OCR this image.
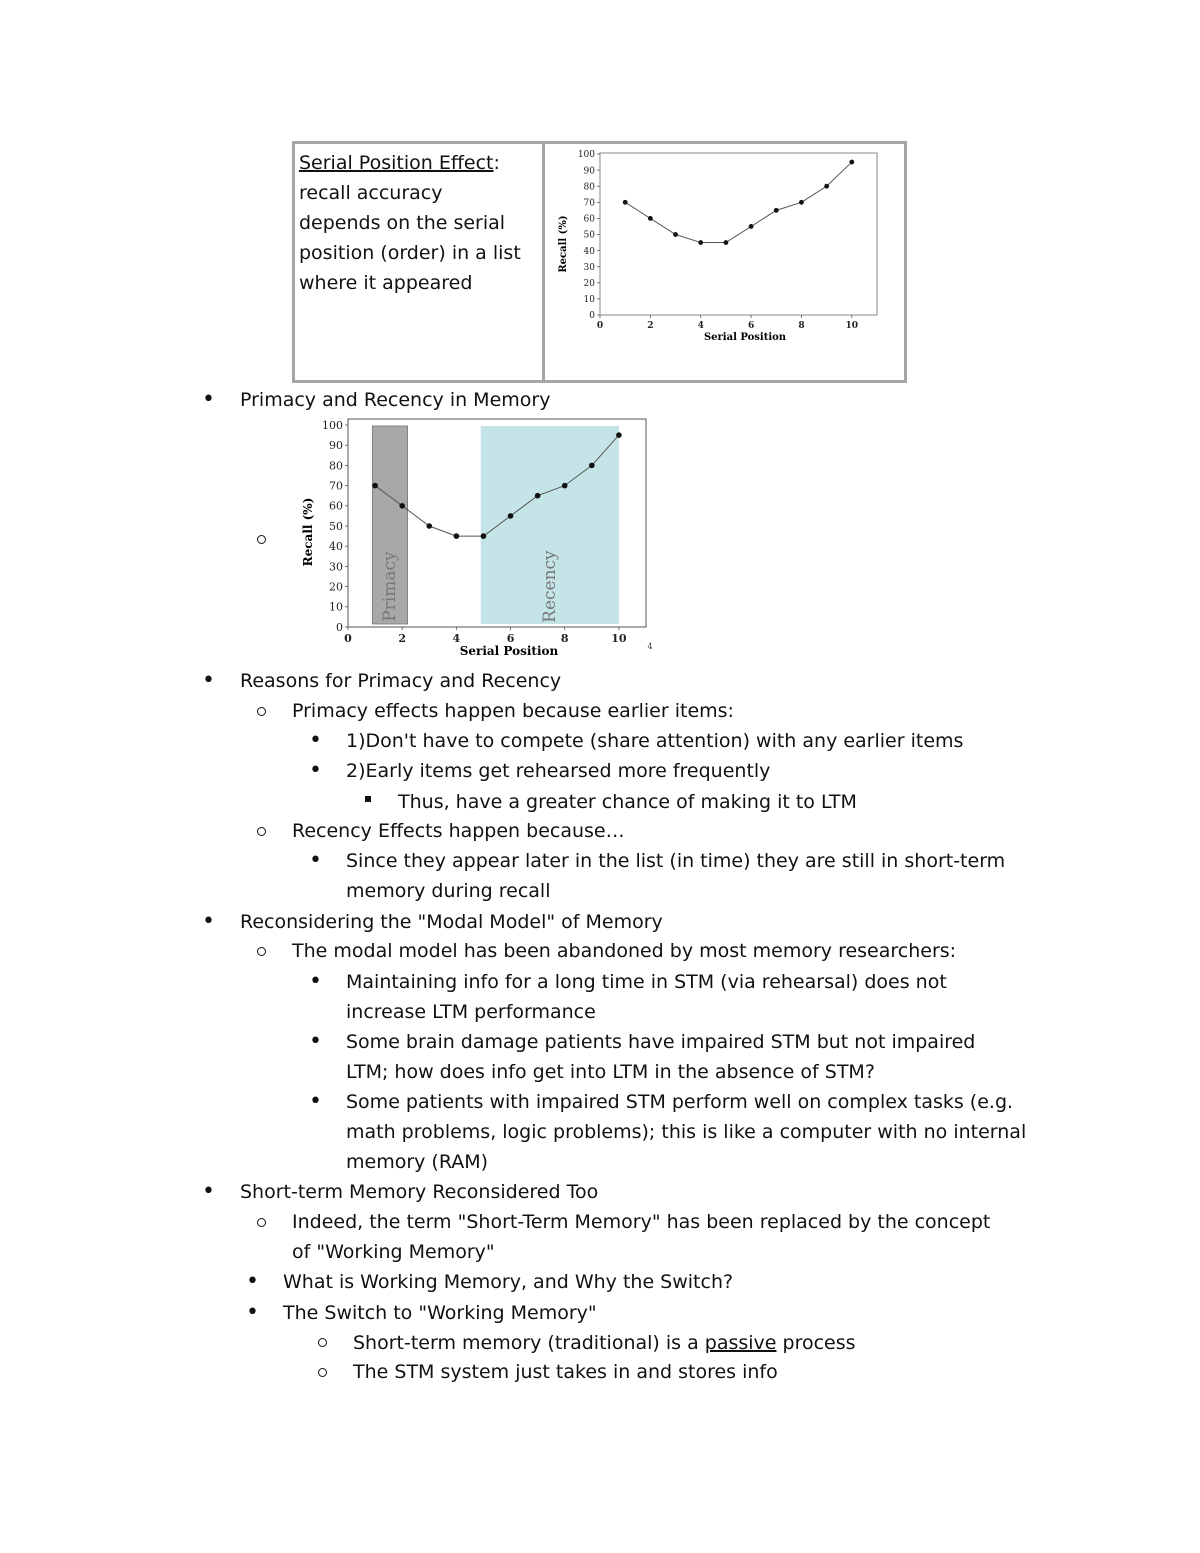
Serial Position Effect:
recall accuracy
depends on the serial
position (order) in a list
where it appeared
0
10
20
30
40
50
60
70
80
90
100
0	2	4	6	8	10
Serial Position
Recall (%)
• Primacy and Recency in Memory
Primacy	Recency
0
10
20
30
40
50
60
70
80
90
100
0	2	4	6	8	10
Serial Position
Recall (%)
4
• Reasons for Primacy and Recency
Primacy effects happen because earlier items:
• 1)Don't have to compete (share attention) with any earlier items
• 2)Early items get rehearsed more frequently
Thus, have a greater chance of making it to LTM
Recency Effects happen because…
• Since they appear later in the list (in time) they are still in short-term
memory during recall
• Reconsidering the "Modal Model" of Memory
The modal model has been abandoned by most memory researchers:
• Maintaining info for a long time in STM (via rehearsal) does not
increase LTM performance
• Some brain damage patients have impaired STM but not impaired
LTM; how does info get into LTM in the absence of STM?
• Some patients with impaired STM perform well on complex tasks (e.g.
math problems, logic problems); this is like a computer with no internal
memory (RAM)
• Short-term Memory Reconsidered Too
Indeed, the term "Short-Term Memory" has been replaced by the concept
of "Working Memory"
• What is Working Memory, and Why the Switch?
• The Switch to "Working Memory"
Short-term memory (traditional) is a passive process
The STM system just takes in and stores info
